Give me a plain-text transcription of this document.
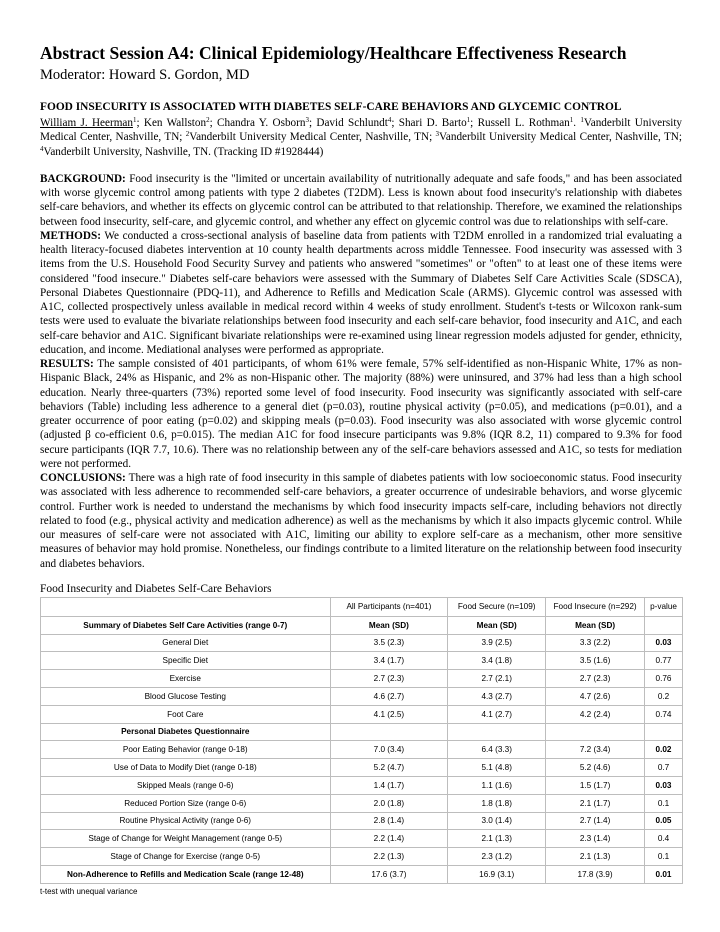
Abstract Session A4: Clinical Epidemiology/Healthcare Effectiveness Research

Moderator: Howard S. Gordon, MD

FOOD INSECURITY IS ASSOCIATED WITH DIABETES SELF-CARE BEHAVIORS AND GLYCEMIC CONTROL

William J. Heerman$^1$; Ken Wallston$^2$; Chandra Y. Osborn$^3$; David Schlundt$^4$; Shari D. Barto$^1$; Russell L. Rothman$^1$. $^1$Vanderbilt University Medical Center, Nashville, TN; $^2$Vanderbilt University Medical Center, Nashville, TN; $^3$Vanderbilt University Medical Center, Nashville, TN; $^4$Vanderbilt University, Nashville, TN. (Tracking ID #1928444)

BACKGROUND: Food insecurity is the "limited or uncertain availability of nutritionally adequate and safe foods," and has been associated with worse glycemic control among patients with type 2 diabetes (T2DM). Less is known about food insecurity's relationship with diabetes self-care behaviors, and whether its effects on glycemic control can be attributed to that relationship. Therefore, we examined the relationships between food insecurity, self-care, and glycemic control, and whether any effect on glycemic control was due to relationships with self-care.

METHODS: We conducted a cross-sectional analysis of baseline data from patients with T2DM enrolled in a randomized trial evaluating a health literacy-focused diabetes intervention at 10 county health departments across middle Tennessee. Food insecurity was assessed with 3 items from the U.S. Household Food Security Survey and patients who answered "sometimes" or "often" to at least one of these items were considered "food insecure." Diabetes self-care behaviors were assessed with the Summary of Diabetes Self Care Activities Scale (SDSCA), Personal Diabetes Questionnaire (PDQ-11), and Adherence to Refills and Medication Scale (ARMS). Glycemic control was assessed with A1C, collected prospectively unless available in medical record within 4 weeks of study enrollment. Student's t-tests or Wilcoxon rank-sum tests were used to evaluate the bivariate relationships between food insecurity and each self-care behavior, food insecurity and A1C, and each self-care behavior and A1C. Significant bivariate relationships were re-examined using linear regression models adjusted for gender, ethnicity, education, and income. Mediational analyses were performed as appropriate.

RESULTS: The sample consisted of 401 participants, of whom 61% were female, 57% self-identified as non-Hispanic White, 17% as non-Hispanic Black, 24% as Hispanic, and 2% as non-Hispanic other. The majority (88%) were uninsured, and 37% had less than a high school education. Nearly three-quarters (73%) reported some level of food insecurity. Food insecurity was significantly associated with self-care behaviors (Table) including less adherence to a general diet (p=0.03), routine physical activity (p=0.05), and medications (p=0.01), and a greater occurrence of poor eating (p=0.02) and skipping meals (p=0.03). Food insecurity was also associated with worse glycemic control (adjusted β co-efficient 0.6, p=0.015). The median A1C for food insecure participants was 9.8% (IQR 8.2, 11) compared to 9.3% for food secure participants (IQR 7.7, 10.6). There was no relationship between any of the self-care behaviors assessed and A1C, so tests for mediation were not performed.

CONCLUSIONS: There was a high rate of food insecurity in this sample of diabetes patients with low socioeconomic status. Food insecurity was associated with less adherence to recommended self-care behaviors, a greater occurrence of undesirable behaviors, and worse glycemic control. Further work is needed to understand the mechanisms by which food insecurity impacts self-care, including behaviors not directly related to food (e.g., physical activity and medication adherence) as well as the mechanisms by which it also impacts glycemic control. While our measures of self-care were not associated with A1C, limiting our ability to explore self-care as a mechanism, other more sensitive measures of behavior may hold promise. Nonetheless, our findings contribute to a limited literature on the relationship between food insecurity and diabetes behaviors.

Food Insecurity and Diabetes Self-Care Behaviors

	All Participants (n=401)	Food Secure (n=109)	Food Insecure (n=292)	p-value
Summary of Diabetes Self Care Activities (range 0-7)	Mean (SD)	Mean (SD)	Mean (SD)	
General Diet	3.5 (2.3)	3.9 (2.5)	3.3 (2.2)	0.03
Specific Diet	3.4 (1.7)	3.4 (1.8)	3.5 (1.6)	0.77
Exercise	2.7 (2.3)	2.7 (2.1)	2.7 (2.3)	0.76
Blood Glucose Testing	4.6 (2.7)	4.3 (2.7)	4.7 (2.6)	0.2
Foot Care	4.1 (2.5)	4.1 (2.7)	4.2 (2.4)	0.74
Personal Diabetes Questionnaire				
Poor Eating Behavior (range 0-18)	7.0 (3.4)	6.4 (3.3)	7.2 (3.4)	0.02
Use of Data to Modify Diet (range 0-18)	5.2 (4.7)	5.1 (4.8)	5.2 (4.6)	0.7
Skipped Meals (range 0-6)	1.4 (1.7)	1.1 (1.6)	1.5 (1.7)	0.03
Reduced Portion Size (range 0-6)	2.0 (1.8)	1.8 (1.8)	2.1 (1.7)	0.1
Routine Physical Activity (range 0-6)	2.8 (1.4)	3.0 (1.4)	2.7 (1.4)	0.05
Stage of Change for Weight Management (range 0-5)	2.2 (1.4)	2.1 (1.3)	2.3 (1.4)	0.4
Stage of Change for Exercise (range 0-5)	2.2 (1.3)	2.3 (1.2)	2.1 (1.3)	0.1
Non-Adherence to Refills and Medication Scale (range 12-48)	17.6 (3.7)	16.9 (3.1)	17.8 (3.9)	0.01
t-test with unequal variance
